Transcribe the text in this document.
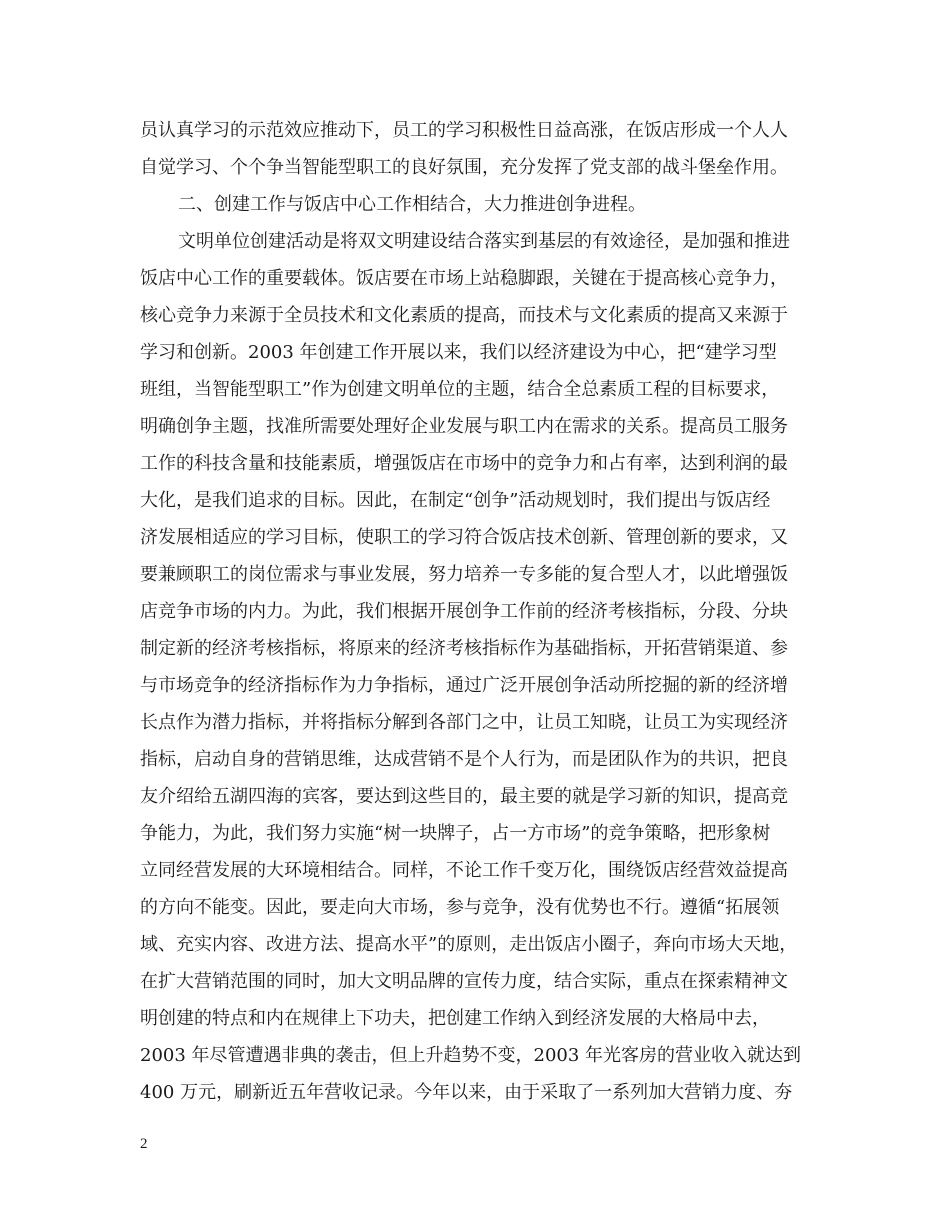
员认真学习的示范效应推动下，员工的学习积极性日益高涨，在饭店形成一个人人
自觉学习、个个争当智能型职工的良好氛围，充分发挥了党支部的战斗堡垒作用。
二、创建工作与饭店中心工作相结合，大力推进创争进程。
文明单位创建活动是将双文明建设结合落实到基层的有效途径，是加强和推进
饭店中心工作的重要载体。饭店要在市场上站稳脚跟，关键在于提高核心竞争力，
核心竞争力来源于全员技术和文化素质的提高，而技术与文化素质的提高又来源于
学习和创新。2003 年创建工作开展以来，我们以经济建设为中心，把“建学习型
班组，当智能型职工”作为创建文明单位的主题，结合全总素质工程的目标要求，
明确创争主题，找准所需要处理好企业发展与职工内在需求的关系。提高员工服务
工作的科技含量和技能素质，增强饭店在市场中的竞争力和占有率，达到利润的最
大化，是我们追求的目标。因此，在制定“创争”活动规划时，我们提出与饭店经
济发展相适应的学习目标，使职工的学习符合饭店技术创新、管理创新的要求，又
要兼顾职工的岗位需求与事业发展，努力培养一专多能的复合型人才，以此增强饭
店竞争市场的内力。为此，我们根据开展创争工作前的经济考核指标，分段、分块
制定新的经济考核指标，将原来的经济考核指标作为基础指标，开拓营销渠道、参
与市场竞争的经济指标作为力争指标，通过广泛开展创争活动所挖掘的新的经济增
长点作为潜力指标，并将指标分解到各部门之中，让员工知晓，让员工为实现经济
指标，启动自身的营销思维，达成营销不是个人行为，而是团队作为的共识，把良
友介绍给五湖四海的宾客，要达到这些目的，最主要的就是学习新的知识，提高竞
争能力，为此，我们努力实施“树一块牌子，占一方市场”的竞争策略，把形象树
立同经营发展的大环境相结合。同样，不论工作千变万化，围绕饭店经营效益提高
的方向不能变。因此，要走向大市场，参与竞争，没有优势也不行。遵循“拓展领
域、充实内容、改进方法、提高水平”的原则，走出饭店小圈子，奔向市场大天地，
在扩大营销范围的同时，加大文明品牌的宣传力度，结合实际，重点在探索精神文
明创建的特点和内在规律上下功夫，把创建工作纳入到经济发展的大格局中去，
2003 年尽管遭遇非典的袭击，但上升趋势不变，2003 年光客房的营业收入就达到
400 万元，刷新近五年营收记录。今年以来，由于采取了一系列加大营销力度、夯
2
